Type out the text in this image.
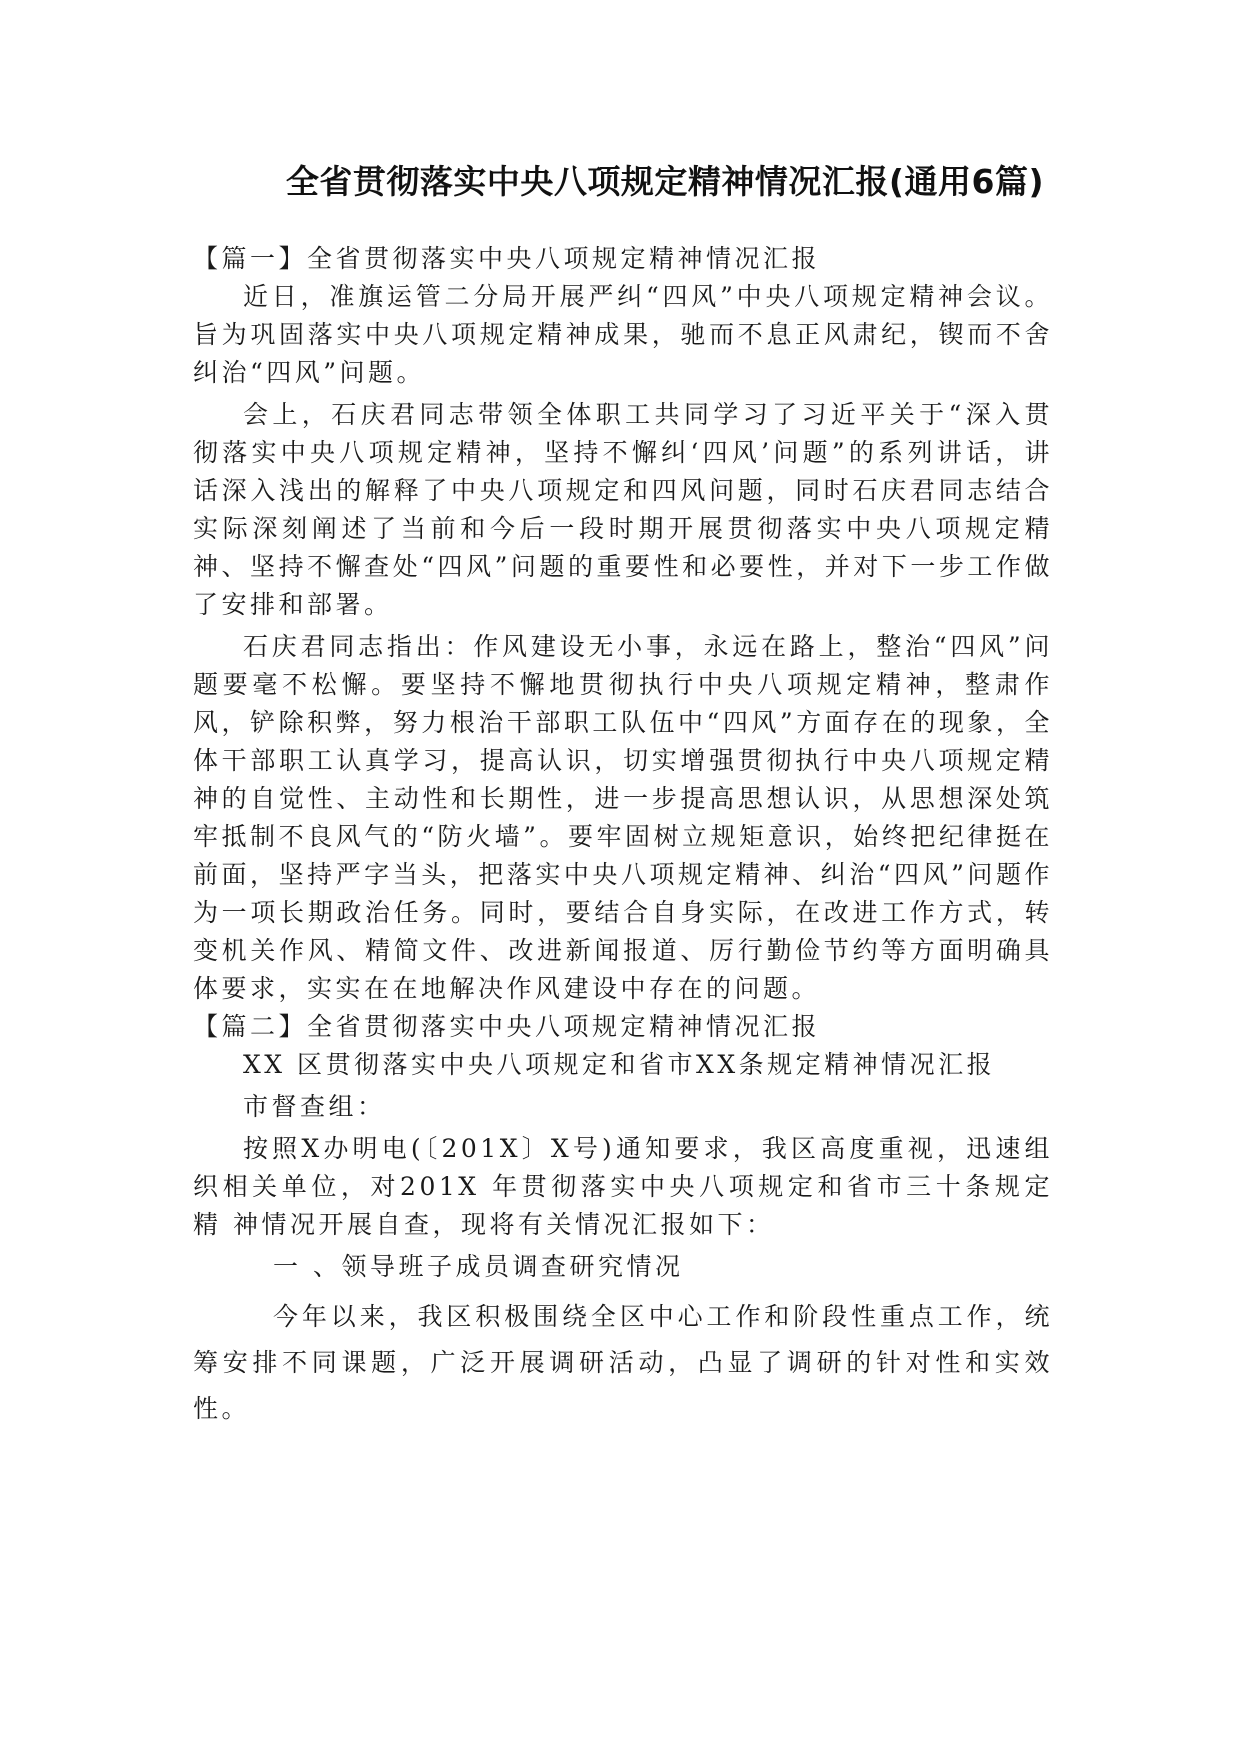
全省贯彻落实中央八项规定精神情况汇报(通用6篇)

【篇一】全省贯彻落实中央八项规定精神情况汇报

近日，准旗运管二分局开展严纠“四风”中央八项规定精神会议。旨为巩固落实中央八项规定精神成果，驰而不息正风肃纪，锲而不舍纠治“四风”问题。

会上，石庆君同志带领全体职工共同学习了习近平关于“深入贯彻落实中央八项规定精神，坚持不懈纠‘四风’问题”的系列讲话，讲话深入浅出的解释了中央八项规定和四风问题，同时石庆君同志结合实际深刻阐述了当前和今后一段时期开展贯彻落实中央八项规定精神、坚持不懈查处“四风”问题的重要性和必要性，并对下一步工作做了安排和部署。

石庆君同志指出：作风建设无小事，永远在路上，整治“四风”问题要毫不松懈。要坚持不懈地贯彻执行中央八项规定精神，整肃作风，铲除积弊，努力根治干部职工队伍中“四风”方面存在的现象，全体干部职工认真学习，提高认识，切实增强贯彻执行中央八项规定精神的自觉性、主动性和长期性，进一步提高思想认识，从思想深处筑牢抵制不良风气的“防火墙”。要牢固树立规矩意识，始终把纪律挺在前面，坚持严字当头，把落实中央八项规定精神、纠治“四风”问题作为一项长期政治任务。同时，要结合自身实际，在改进工作方式，转变机关作风、精简文件、改进新闻报道、厉行勤俭节约等方面明确具体要求，实实在在地解决作风建设中存在的问题。

【篇二】全省贯彻落实中央八项规定精神情况汇报

XX 区贯彻落实中央八项规定和省市XX条规定精神情况汇报

市督查组：

按照X办明电(〔201X〕X号)通知要求，我区高度重视，迅速组 织相关单位，对201X 年贯彻落实中央八项规定和省市三十条规定精 神情况开展自查，现将有关情况汇报如下：

一 、领导班子成员调查研究情况

今年以来，我区积极围绕全区中心工作和阶段性重点工作，统筹安排不同课题，广泛开展调研活动，凸显了调研的针对性和实效性。
